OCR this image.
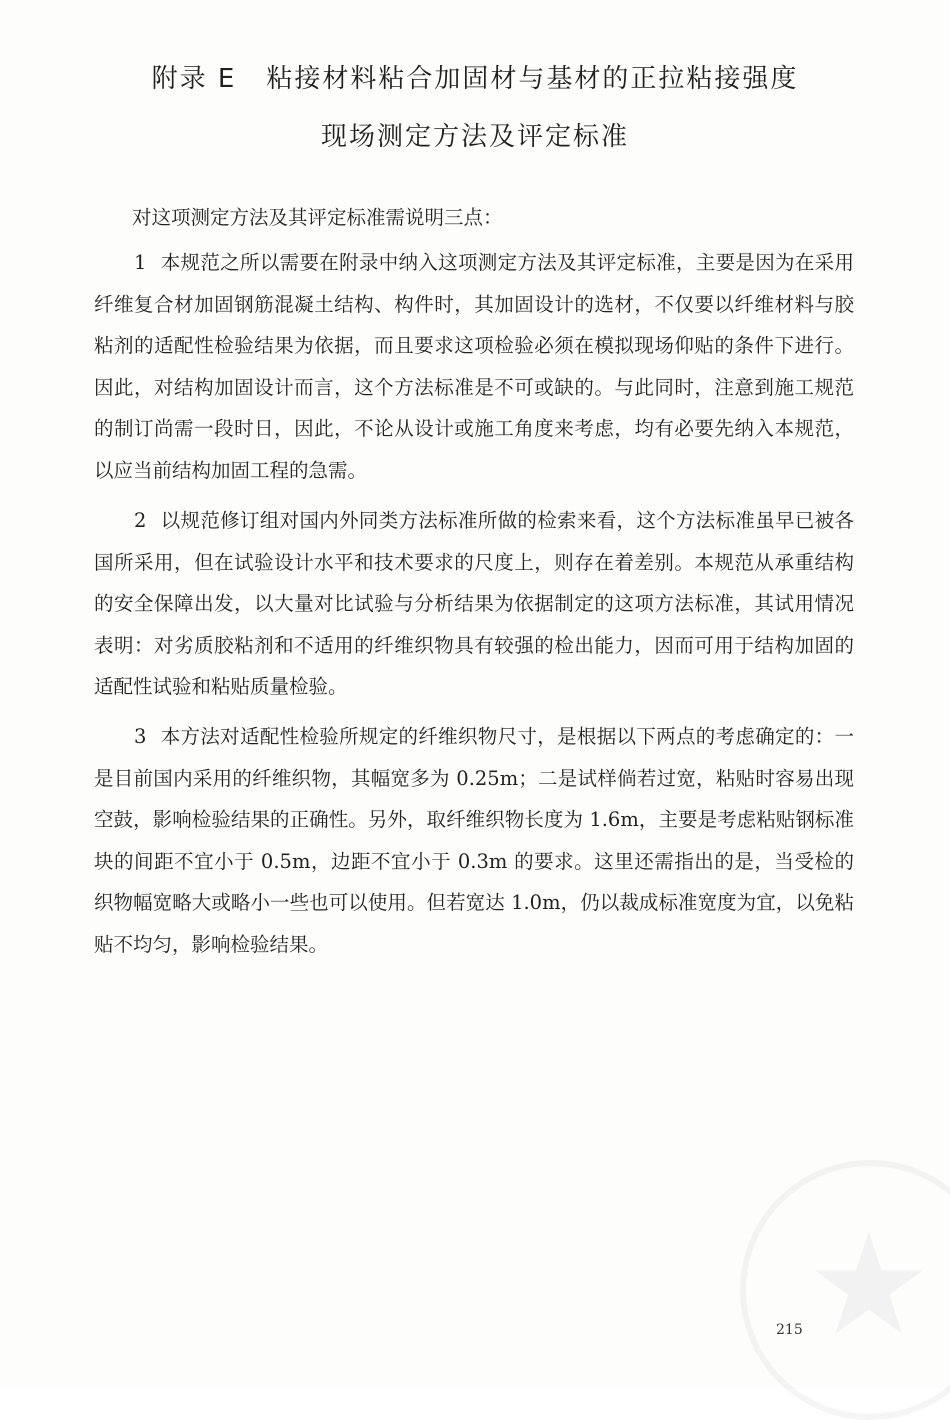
附录 E 粘接材料粘合加固材与基材的正拉粘接强度
现场测定方法及评定标准
对这项测定方法及其评定标准需说明三点：

1 本规范之所以需要在附录中纳入这项测定方法及其评定标准，主要是因为在采用纤维复合材加固钢筋混凝土结构、构件时，其加固设计的选材，不仅要以纤维材料与胶粘剂的适配性检验结果为依据，而且要求这项检验必须在模拟现场仰贴的条件下进行。因此，对结构加固设计而言，这个方法标准是不可或缺的。与此同时，注意到施工规范的制订尚需一段时日，因此，不论从设计或施工角度来考虑，均有必要先纳入本规范，以应当前结构加固工程的急需。

2 以规范修订组对国内外同类方法标准所做的检索来看，这个方法标准虽早已被各国所采用，但在试验设计水平和技术要求的尺度上，则存在着差别。本规范从承重结构的安全保障出发，以大量对比试验与分析结果为依据制定的这项方法标准，其试用情况表明：对劣质胶粘剂和不适用的纤维织物具有较强的检出能力，因而可用于结构加固的适配性试验和粘贴质量检验。

3 本方法对适配性检验所规定的纤维织物尺寸，是根据以下两点的考虑确定的：一是目前国内采用的纤维织物，其幅宽多为 0.25m；二是试样倘若过宽，粘贴时容易出现空鼓，影响检验结果的正确性。另外，取纤维织物长度为 1.6m，主要是考虑粘贴钢标准块的间距不宜小于 0.5m，边距不宜小于 0.3m 的要求。这里还需指出的是，当受检的织物幅宽略大或略小一些也可以使用。但若宽达 1.0m，仍以裁成标准宽度为宜，以免粘贴不均匀，影响检验结果。

★
215
